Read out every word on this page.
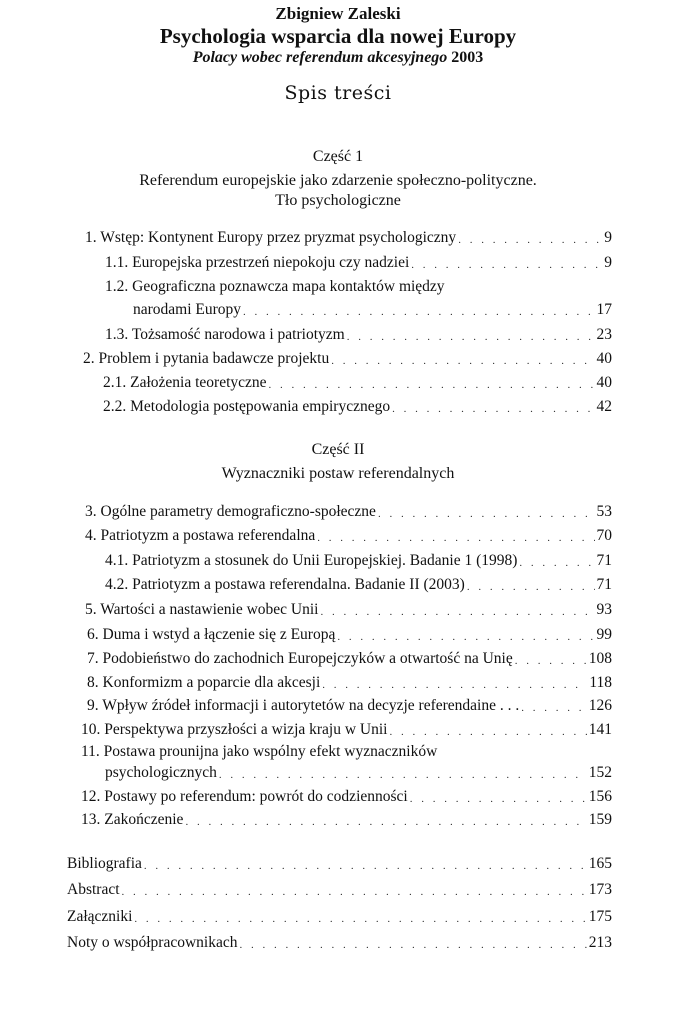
Zbigniew Zaleski
Psychologia wsparcia dla nowej Europy
Polacy wobec referendum akcesyjnego 2003
Spis treści
Część 1
Referendum europejskie jako zdarzenie społeczno-polityczne.
Tło psychologiczne
1. Wstęp: Kontynent Europy przez pryzmat psychologiczny . . .	9
1.1. Europejska przestrzeń niepokoju czy nadziei . . .	9
1.2. Geograficzna poznawcza mapa kontaktów między
narodami Europy . . .	17
1.3. Tożsamość narodowa i patriotyzm . . .	23
2. Problem i pytania badawcze projektu . . .	40
2.1. Założenia teoretyczne . . .	40
2.2. Metodologia postępowania empirycznego . . .	42
Część II
Wyznaczniki postaw referendalnych
3. Ogólne parametry demograficzno-społeczne . . .	53
4. Patriotyzm a postawa referendalna . . .	70
4.1. Patriotyzm a stosunek do Unii Europejskiej. Badanie 1 (1998) . . .	71
4.2. Patriotyzm a postawa referendalna. Badanie II (2003) . . .	71
5. Wartości a nastawienie wobec Unii . . .	93
6. Duma i wstyd a łączenie się z Europą . . .	99
7. Podobieństwo do zachodnich Europejczyków a otwartość na Unię . . .	108
8. Konformizm a poparcie dla akcesji . . .	118
9. Wpływ źródeł informacji i autorytetów na decyzje referendaine . . . . . .	126
10. Perspektywa przyszłości a wizja kraju w Unii . . .	141
11. Postawa prounijna jako wspólny efekt wyznaczników
psychologicznych . . .	152
12. Postawy po referendum: powrót do codzienności . . .	156
13. Zakończenie . . .	159
Bibliografia . . .	165
Abstract . . .	173
Załączniki . . .	175
Noty o współpracownikach . . .	213
